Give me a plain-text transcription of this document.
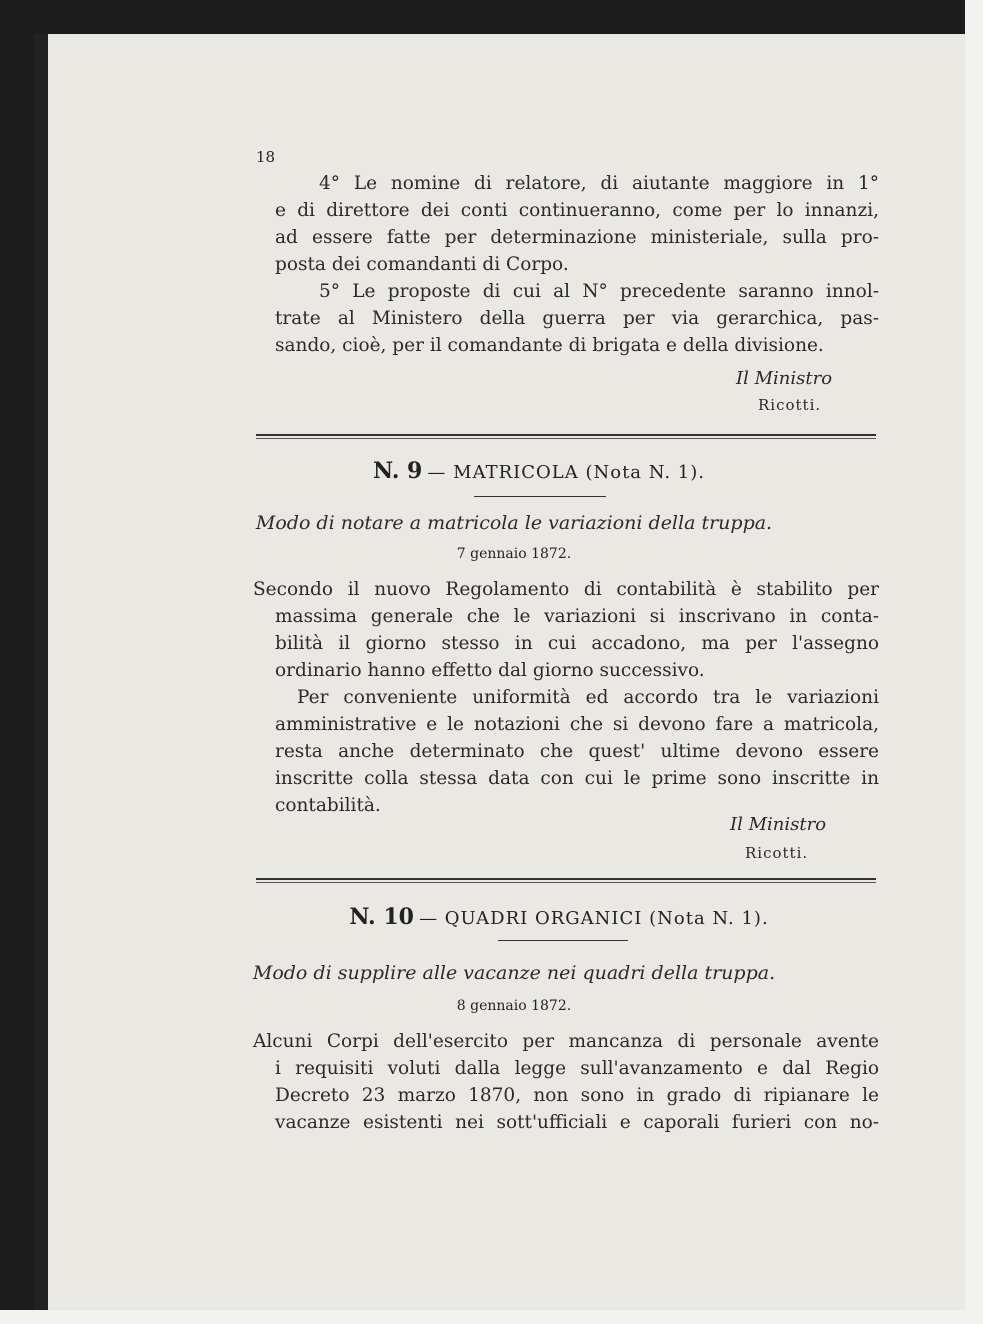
18
4° Le nomine di relatore, di aiutante maggiore in 1°
e di direttore dei conti continueranno, come per lo innanzi,
ad essere fatte per determinazione ministeriale, sulla pro-
posta dei comandanti di Corpo.
5° Le proposte di cui al N° precedente saranno innol-
trate al Ministero della guerra per via gerarchica, pas-
sando, cioè, per il comandante di brigata e della divisione.
Il Ministro
Ricotti.
N. 9 — MATRICOLA (Nota N. 1).
Modo di notare a matricola le variazioni della truppa.
7 gennaio 1872.
Secondo il nuovo Regolamento di contabilità è stabilito per
massima generale che le variazioni si inscrivano in conta-
bilità il giorno stesso in cui accadono, ma per l'assegno
ordinario hanno effetto dal giorno successivo.
Per conveniente uniformità ed accordo tra le variazioni
amministrative e le notazioni che si devono fare a matricola,
resta anche determinato che quest' ultime devono essere
inscritte colla stessa data con cui le prime sono inscritte in
contabilità.
Il Ministro
Ricotti.
N. 10 — QUADRI ORGANICI (Nota N. 1).
Modo di supplire alle vacanze nei quadri della truppa.
8 gennaio 1872.
Alcuni Corpi dell'esercito per mancanza di personale avente
i requisiti voluti dalla legge sull'avanzamento e dal Regio
Decreto 23 marzo 1870, non sono in grado di ripianare le
vacanze esistenti nei sott'ufficiali e caporali furieri con no-
